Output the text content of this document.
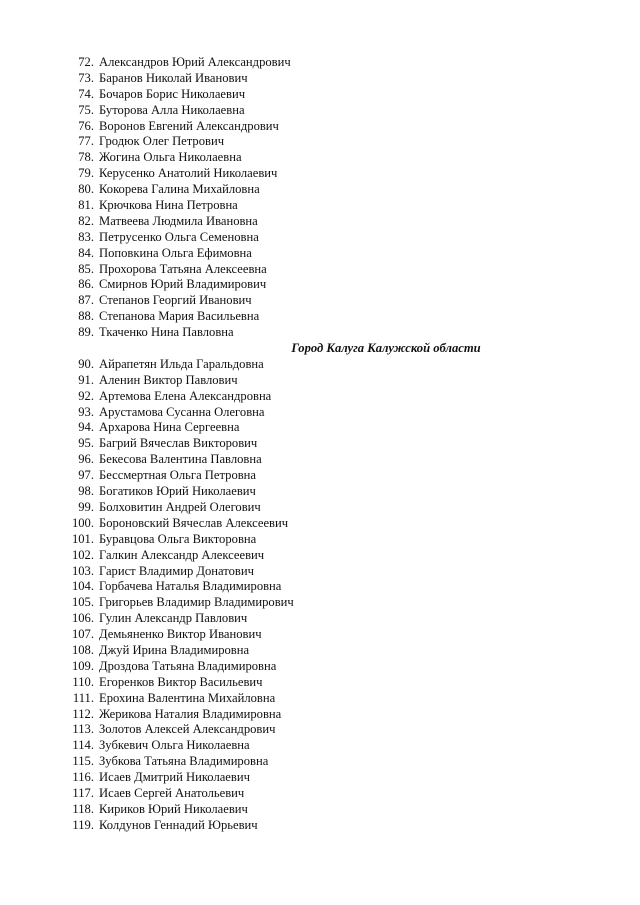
72. Александров Юрий Александрович
73. Баранов Николай Иванович
74. Бочаров Борис Николаевич
75. Буторова Алла Николаевна
76. Воронов Евгений Александрович
77. Гродюк Олег Петрович
78. Жогина Ольга Николаевна
79. Керусенко Анатолий Николаевич
80. Кокорева Галина Михайловна
81. Крючкова Нина Петровна
82. Матвеева Людмила Ивановна
83. Петрусенко Ольга Семеновна
84. Поповкина Ольга Ефимовна
85. Прохорова Татьяна Алексеевна
86. Смирнов Юрий Владимирович
87. Степанов Георгий Иванович
88. Степанова Мария Васильевна
89. Ткаченко Нина Павловна
Город Калуга Калужской области
90. Айрапетян Ильда Гаральдовна
91. Аленин Виктор Павлович
92. Артемова Елена Александровна
93. Арустамова Сусанна Олеговна
94. Архарова Нина Сергеевна
95. Багрий Вячеслав Викторович
96. Бекесова Валентина Павловна
97. Бессмертная Ольга Петровна
98. Богатиков Юрий Николаевич
99. Болховитин Андрей Олегович
100. Бороновский Вячеслав Алексеевич
101. Буравцова Ольга Викторовна
102. Галкин Александр Алексеевич
103. Гарист Владимир Донатович
104. Горбачева Наталья Владимировна
105. Григорьев Владимир Владимирович
106. Гулин Александр Павлович
107. Демьяненко Виктор Иванович
108. Джуй Ирина Владимировна
109. Дроздова Татьяна Владимировна
110. Егоренков Виктор Васильевич
111. Ерохина Валентина Михайловна
112. Жерикова Наталия Владимировна
113. Золотов Алексей Александрович
114. Зубкевич Ольга Николаевна
115. Зубкова Татьяна Владимировна
116. Исаев Дмитрий Николаевич
117. Исаев Сергей Анатольевич
118. Кириков Юрий Николаевич
119. Колдунов Геннадий Юрьевич
